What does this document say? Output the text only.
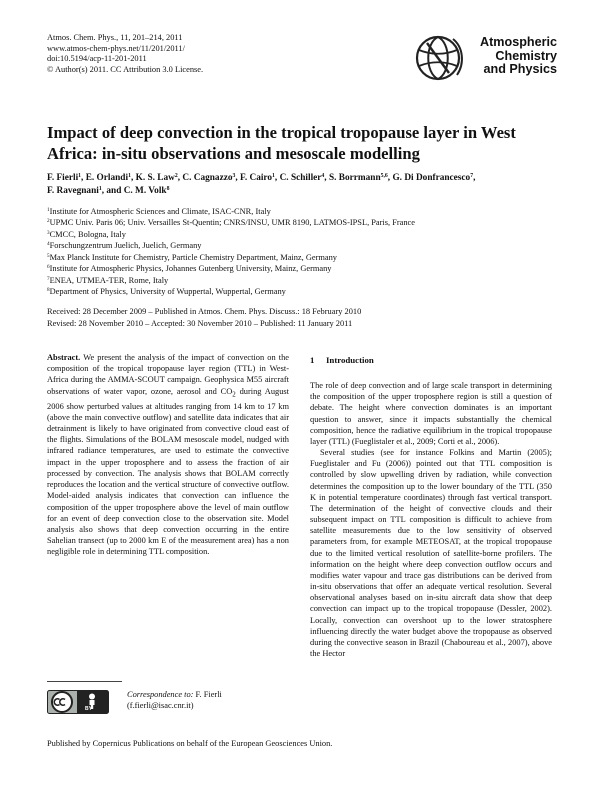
Atmos. Chem. Phys., 11, 201–214, 2011
www.atmos-chem-phys.net/11/201/2011/
doi:10.5194/acp-11-201-2011
© Author(s) 2011. CC Attribution 3.0 License.
Atmospheric
Chemistry
and Physics
Impact of deep convection in the tropical tropopause layer in West
Africa: in-situ observations and mesoscale modelling
F. Fierli$^1$, E. Orlandi$^1$, K. S. Law$^2$, C. Cagnazzo$^3$, F. Cairo$^1$, C. Schiller$^4$, S. Borrmann$^{5,6}$, G. Di Donfrancesco$^7$,
F. Ravegnani$^1$, and C. M. Volk$^8$
$^1$Institute for Atmospheric Sciences and Climate, ISAC-CNR, Italy
$^2$UPMC Univ. Paris 06; Univ. Versailles St-Quentin; CNRS/INSU, UMR 8190, LATMOS-IPSL, Paris, France
$^3$CMCC, Bologna, Italy
$^4$Forschungzentrum Juelich, Juelich, Germany
$^5$Max Planck Institute for Chemistry, Particle Chemistry Department, Mainz, Germany
$^6$Institute for Atmospheric Physics, Johannes Gutenberg University, Mainz, Germany
$^7$ENEA, UTMEA-TER, Rome, Italy
$^8$Department of Physics, University of Wuppertal, Wuppertal, Germany
Received: 28 December 2009 – Published in Atmos. Chem. Phys. Discuss.: 18 February 2010
Revised: 28 November 2010 – Accepted: 30 November 2010 – Published: 11 January 2011
Abstract. We present the analysis of the impact of convection on the composition of the tropical tropopause layer region (TTL) in West-Africa during the AMMA-SCOUT campaign. Geophysica M55 aircraft observations of water vapor, ozone, aerosol and $CO_2$ during August 2006 show perturbed values at altitudes ranging from 14 km to 17 km (above the main convective outflow) and satellite data indicates that air detrainment is likely to have originated from convective cloud east of the flights. Simulations of the BOLAM mesoscale model, nudged with infrared radiance temperatures, are used to estimate the convective impact in the upper troposphere and to assess the fraction of air processed by convection. The analysis shows that BOLAM correctly reproduces the location and the vertical structure of convective outflow. Model-aided analysis indicates that convection can influence the composition of the upper troposphere above the level of main outflow for an event of deep convection close to the observation site. Model analysis also shows that deep convection occurring in the entire Sahelian transect (up to 2000 km E of the measurement area) has a non negligible role in determining TTL composition.
1 Introduction

The role of deep convection and of large scale transport in determining the composition of the upper troposphere region is still a question of debate. The height where convection dominates is an important question to answer, since it impacts substantially the chemical composition, hence the radiative equilibrium in the tropical tropopause layer (TTL) (Fueglistaler et al., 2009; Corti et al., 2006).

Several studies (see for instance Folkins and Martin (2005); Fueglistaler and Fu (2006)) pointed out that TTL composition is controlled by slow upwelling driven by radiation, while convection determines the composition up to the lower boundary of the TTL (350 K in potential temperature coordinates) through fast vertical transport. The determination of the height of convective clouds and their subsequent impact on TTL composition is difficult to achieve from satellite measurements due to the low sensitivity of observed parameters from, for example METEOSAT, at the tropical tropopause due to the limited vertical resolution of satellite-borne profilers. The information on the height where deep convection outflow occurs and modifies water vapour and trace gas distributions can be derived from in-situ observations that offer an adequate vertical resolution. Several observational analyses based on in-situ aircraft data show that deep convection can impact up to the tropical tropopause (Dessler, 2002). Locally, convection can overshoot up to the lower stratosphere influencing directly the water budget above the tropopause as observed during the convective season in Brazil (Chaboureau et al., 2007), above the Hector

BY
Correspondence to: F. Fierli
(f.fierli@isac.cnr.it)
Published by Copernicus Publications on behalf of the European Geosciences Union.
